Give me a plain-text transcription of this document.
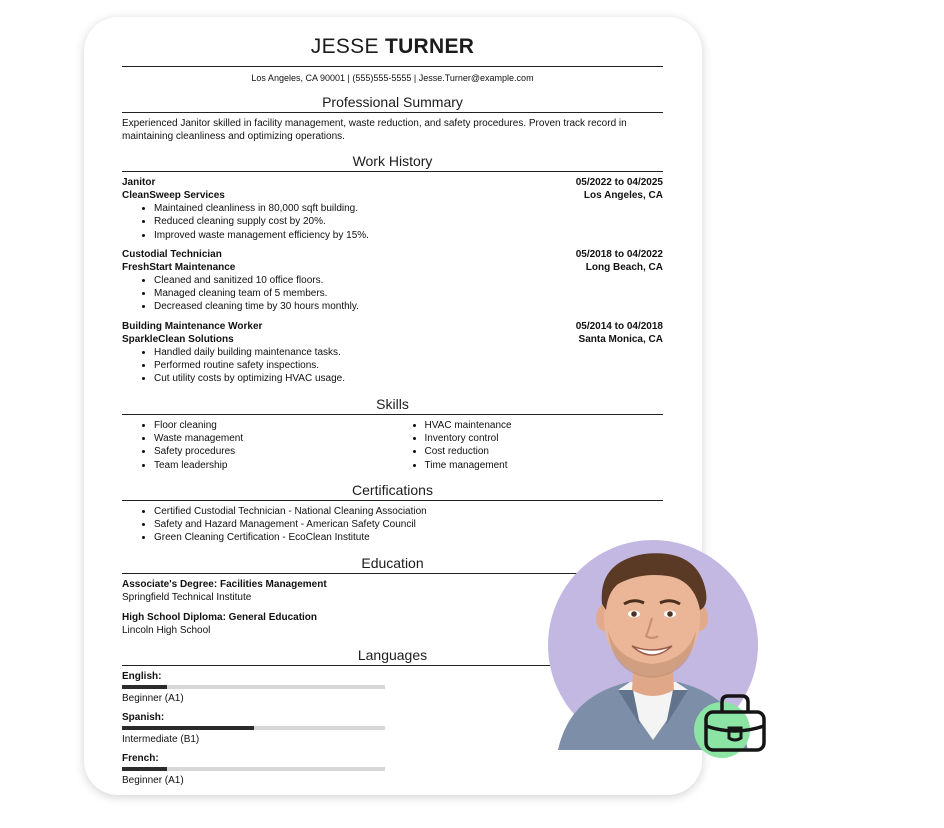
JESSE TURNER
Los Angeles, CA 90001 | (555)555-5555 | Jesse.Turner@example.com
Professional Summary
Experienced Janitor skilled in facility management, waste reduction, and safety procedures. Proven track record in maintaining cleanliness and optimizing operations.
Work History
Janitor	05/2022 to 04/2025
CleanSweep Services	Los Angeles, CA
• Maintained cleanliness in 80,000 sqft building.
• Reduced cleaning supply cost by 20%.
• Improved waste management efficiency by 15%.
Custodial Technician	05/2018 to 04/2022
FreshStart Maintenance	Long Beach, CA
• Cleaned and sanitized 10 office floors.
• Managed cleaning team of 5 members.
• Decreased cleaning time by 30 hours monthly.
Building Maintenance Worker	05/2014 to 04/2018
SparkleClean Solutions	Santa Monica, CA
• Handled daily building maintenance tasks.
• Performed routine safety inspections.
• Cut utility costs by optimizing HVAC usage.
Skills
• Floor cleaning
• Waste management
• Safety procedures
• Team leadership
• HVAC maintenance
• Inventory control
• Cost reduction
• Time management
Certifications
• Certified Custodial Technician - National Cleaning Association
• Safety and Hazard Management - American Safety Council
• Green Cleaning Certification - EcoClean Institute
Education
Associate's Degree: Facilities Management
Springfield Technical Institute
High School Diploma: General Education
Lincoln High School
Languages
English:
Beginner (A1)
Spanish:
Intermediate (B1)
French:
Beginner (A1)
